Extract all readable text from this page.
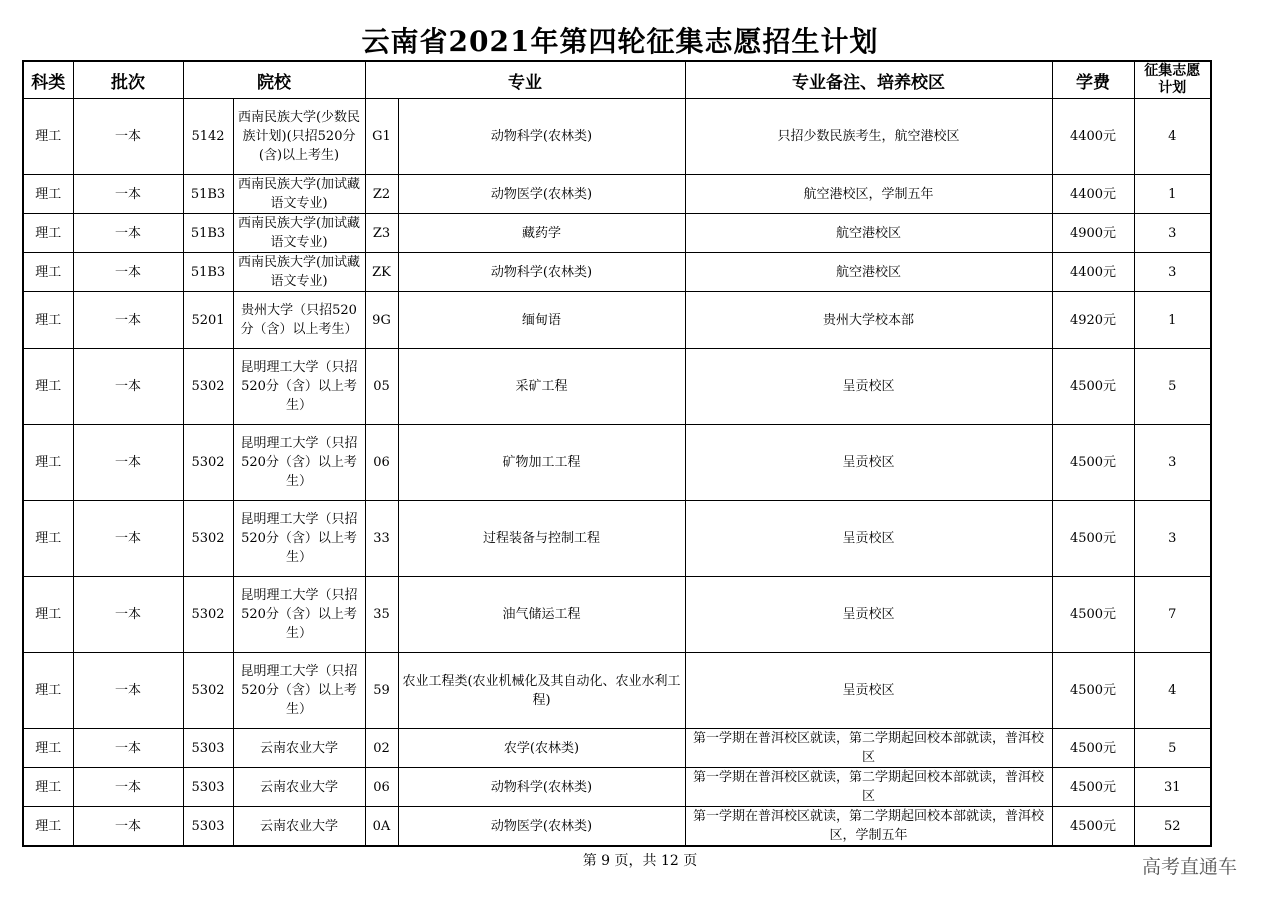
云南省2021年第四轮征集志愿招生计划
科类	批次	院校		专业		专业备注、培养校区	学费	征集志愿计划
理工	一本	5142	西南民族大学(少数民族计划)(只招520分(含)以上考生)	G1	动物科学(农林类)	只招少数民族考生，航空港校区	4400元	4
理工	一本	51B3	西南民族大学(加试藏语文专业)	Z2	动物医学(农林类)	航空港校区，学制五年	4400元	1
理工	一本	51B3	西南民族大学(加试藏语文专业)	Z3	藏药学	航空港校区	4900元	3
理工	一本	51B3	西南民族大学(加试藏语文专业)	ZK	动物科学(农林类)	航空港校区	4400元	3
理工	一本	5201	贵州大学（只招520分（含）以上考生）	9G	缅甸语	贵州大学校本部	4920元	1
理工	一本	5302	昆明理工大学（只招520分（含）以上考生）	05	采矿工程	呈贡校区	4500元	5
理工	一本	5302	昆明理工大学（只招520分（含）以上考生）	06	矿物加工工程	呈贡校区	4500元	3
理工	一本	5302	昆明理工大学（只招520分（含）以上考生）	33	过程装备与控制工程	呈贡校区	4500元	3
理工	一本	5302	昆明理工大学（只招520分（含）以上考生）	35	油气储运工程	呈贡校区	4500元	7
理工	一本	5302	昆明理工大学（只招520分（含）以上考生）	59	农业工程类(农业机械化及其自动化、农业水利工程)	呈贡校区	4500元	4
理工	一本	5303	云南农业大学	02	农学(农林类)	第一学期在普洱校区就读，第二学期起回校本部就读，普洱校区	4500元	5
理工	一本	5303	云南农业大学	06	动物科学(农林类)	第一学期在普洱校区就读，第二学期起回校本部就读，普洱校区	4500元	31
理工	一本	5303	云南农业大学	0A	动物医学(农林类)	第一学期在普洱校区就读，第二学期起回校本部就读，普洱校区，学制五年	4500元	52
第 9 页，共 12 页	高考直通车
